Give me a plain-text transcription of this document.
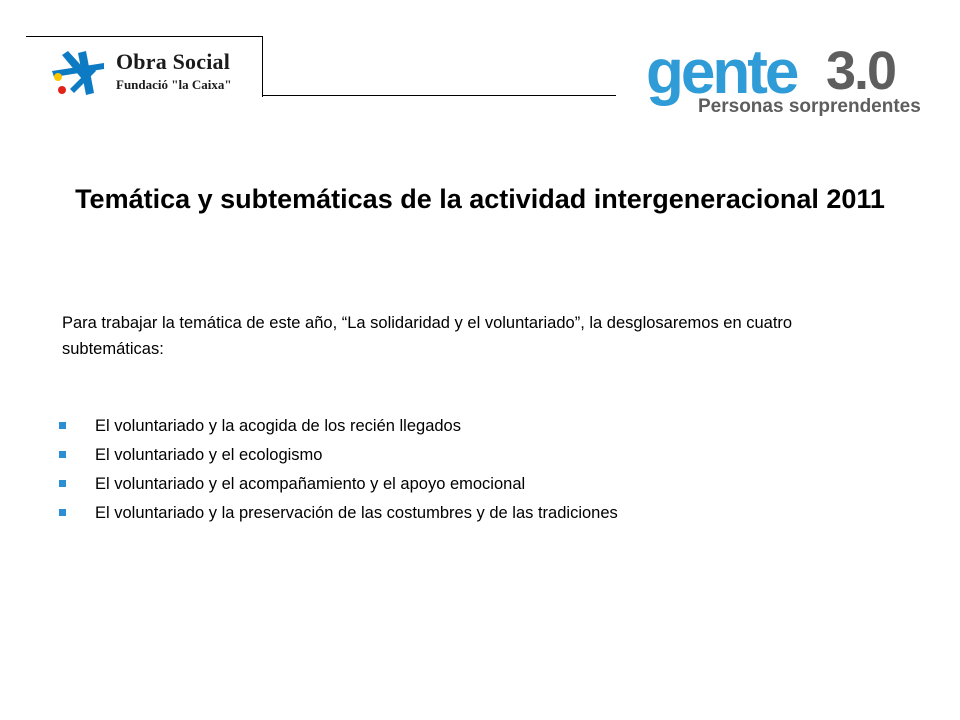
Obra Social
Fundació "la Caixa"	gente 3.0
Personas sorprendentes
Temática y subtemáticas de la actividad intergeneracional 2011
Para trabajar la temática de este año, “La solidaridad y el voluntariado”, la desglosaremos en cuatro subtemáticas:
El voluntariado y la acogida de los recién llegados
El voluntariado y el ecologismo
El voluntariado y el acompañamiento y el apoyo emocional
El voluntariado y la preservación de las costumbres y de las tradiciones
